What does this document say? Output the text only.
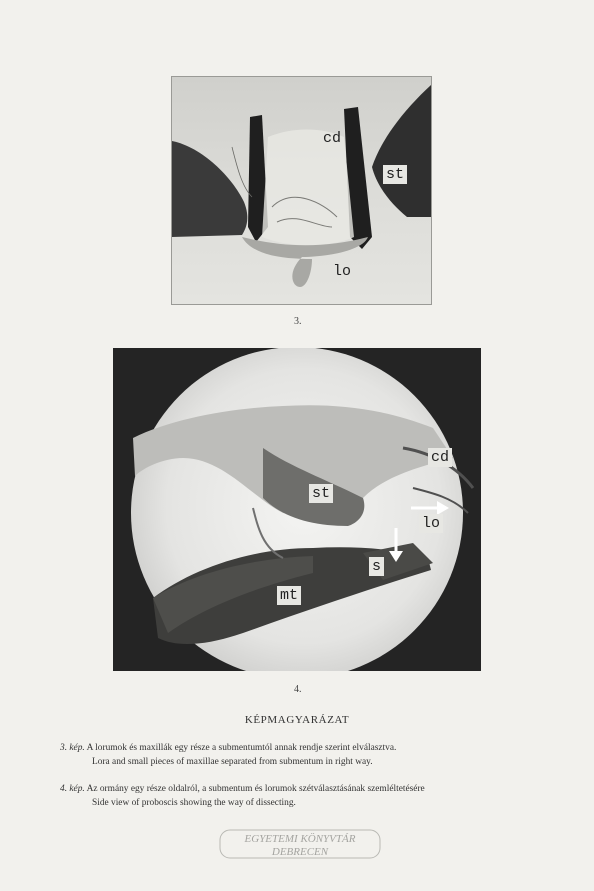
cd
st
lo
3.
cd
st
lo
s
mt
4.
KÉPMAGYARÁZAT
3. kép. A lorumok és maxillák egy része a submentumtól annak rendje szerint elválasztva.
Lora and small pieces of maxillae separated from submentum in right way.
4. kép. Az ormány egy része oldalról, a submentum és lorumok szétválasztásának szemléltetésére
Side view of proboscis showing the way of dissecting.
EGYETEMI KÖNYVTÁR
DEBRECEN
